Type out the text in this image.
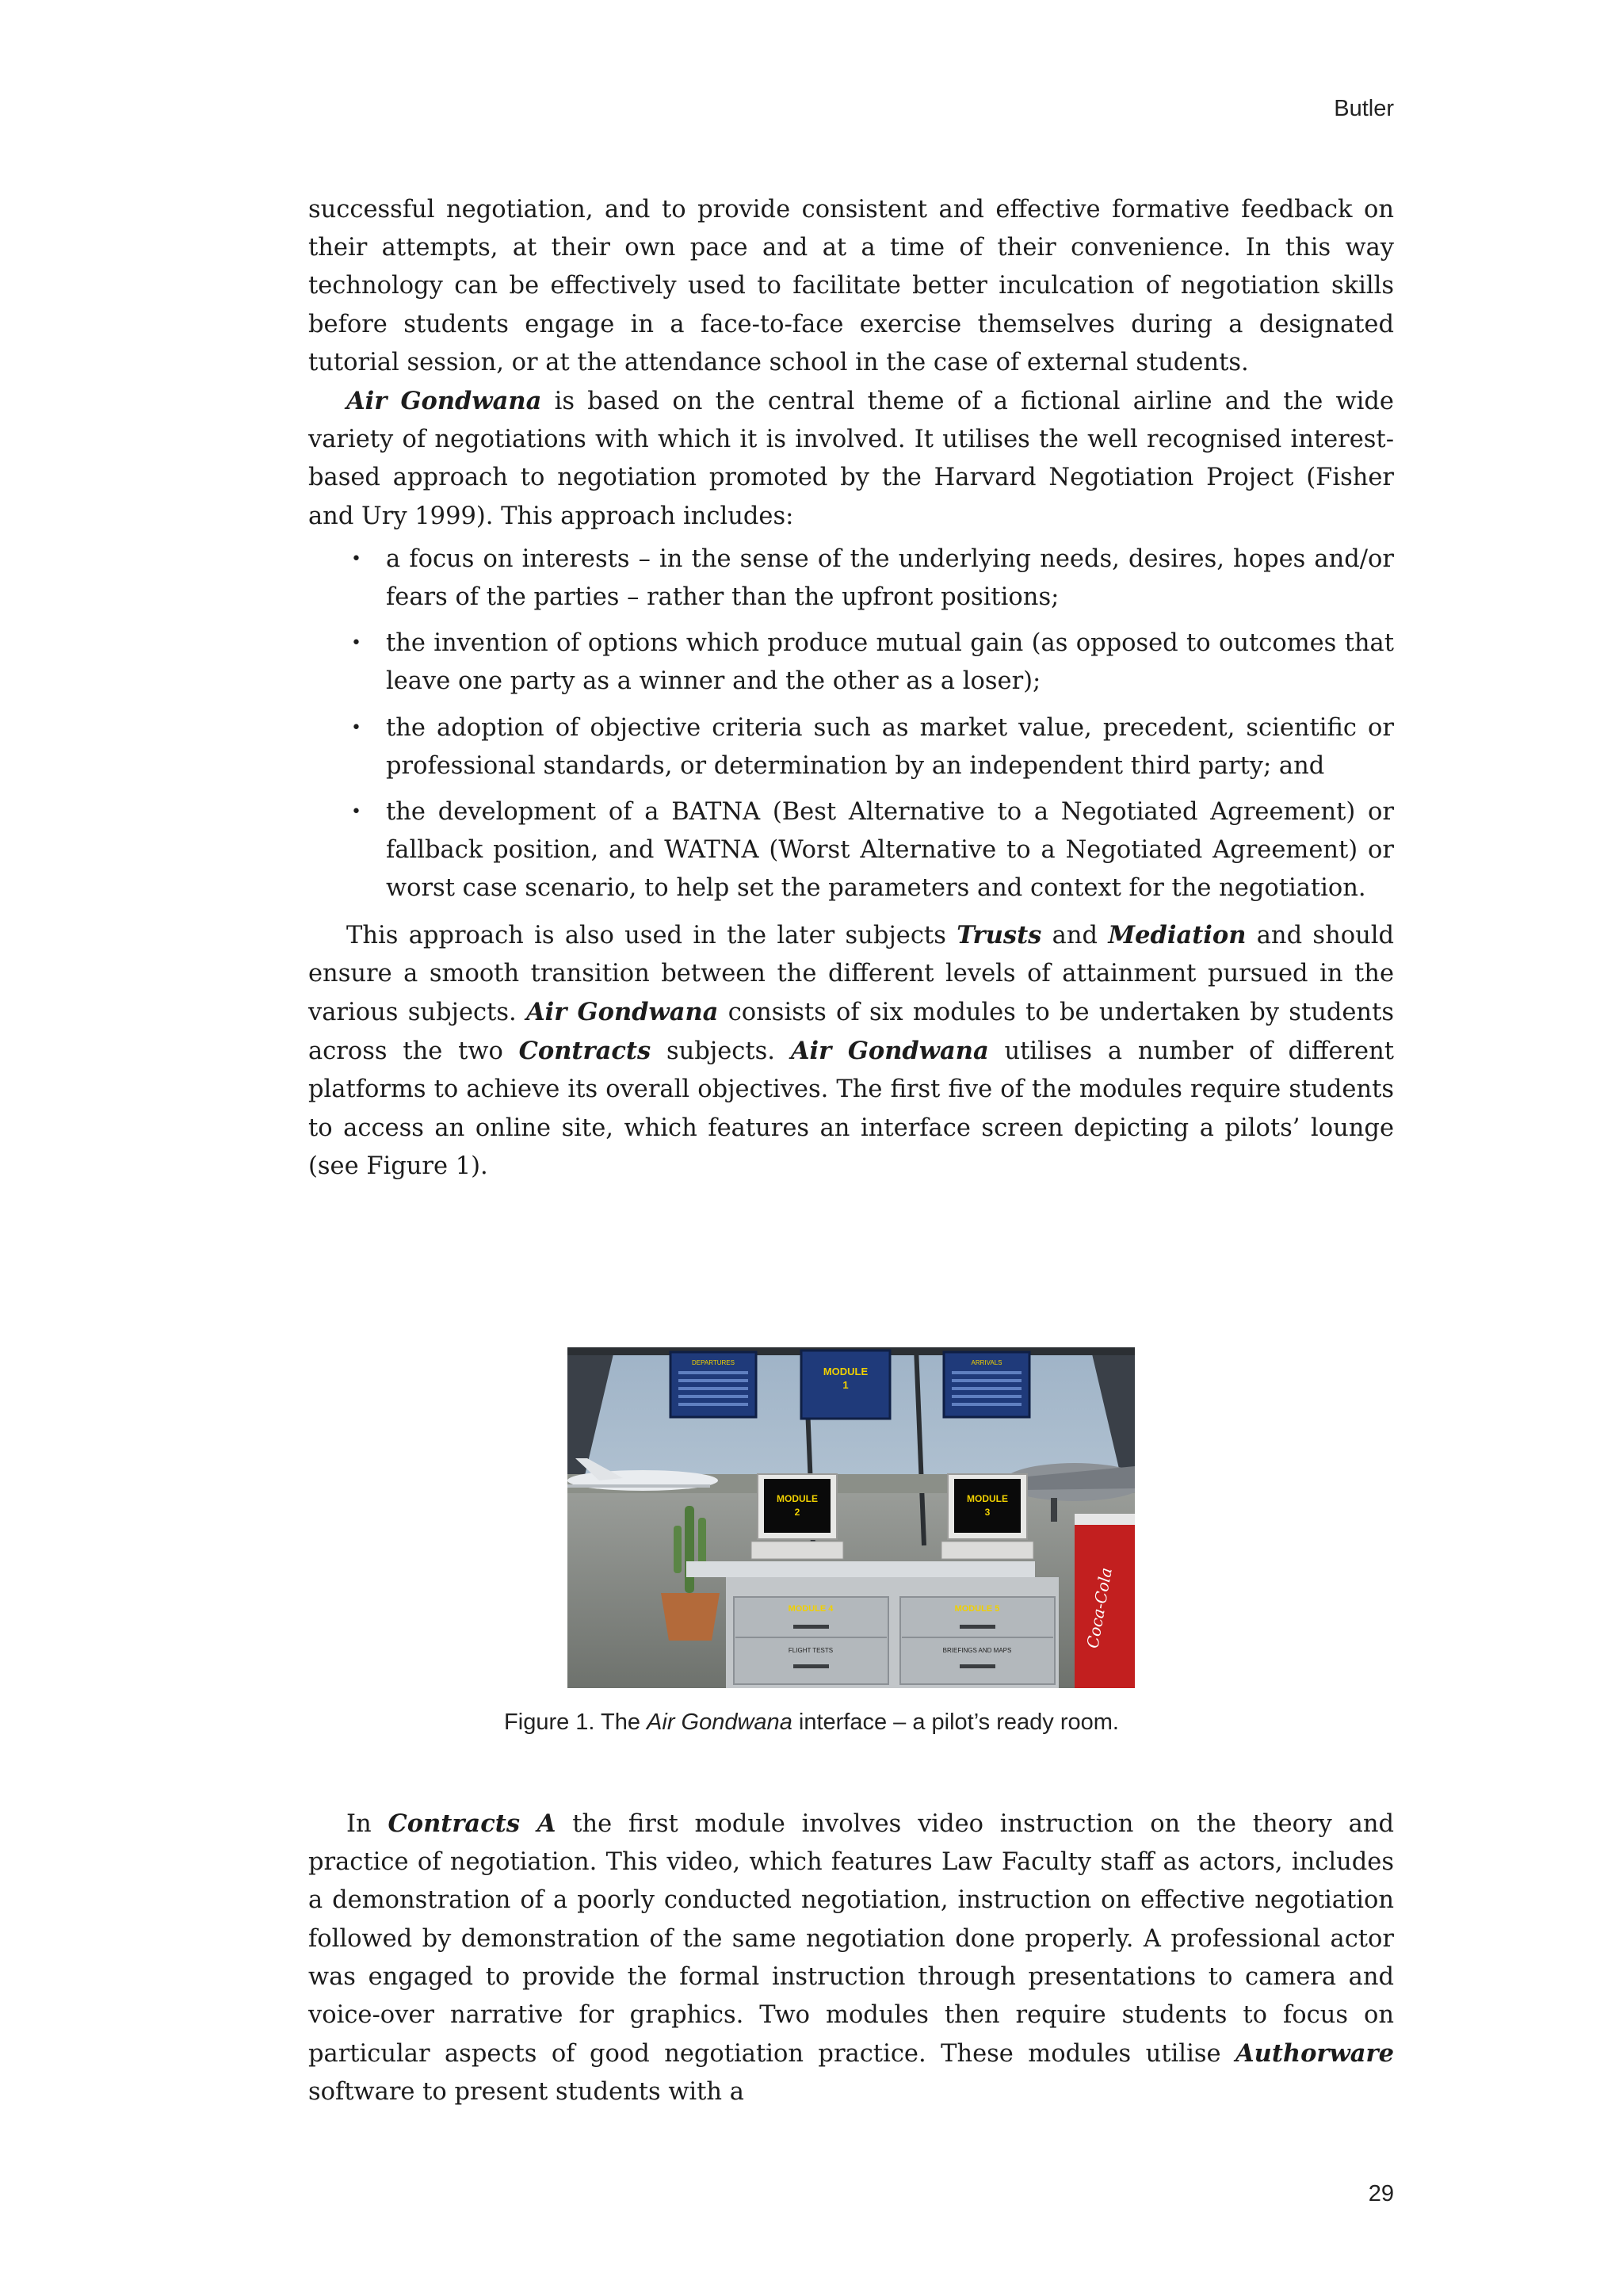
Butler

successful negotiation, and to provide consistent and effective formative feedback on their attempts, at their own pace and at a time of their convenience. In this way technology can be effectively used to facilitate better inculcation of negotiation skills before students engage in a face-to-face exercise themselves during a designated tutorial session, or at the attendance school in the case of external students.

Air Gondwana is based on the central theme of a fictional airline and the wide variety of negotiations with which it is involved. It utilises the well recognised interest-based approach to negotiation promoted by the Harvard Negotiation Project (Fisher and Ury 1999). This approach includes:

• a focus on interests – in the sense of the underlying needs, desires, hopes and/or fears of the parties – rather than the upfront positions;
• the invention of options which produce mutual gain (as opposed to outcomes that leave one party as a winner and the other as a loser);
• the adoption of objective criteria such as market value, precedent, scientific or professional standards, or determination by an independent third party; and
• the development of a BATNA (Best Alternative to a Negotiated Agreement) or fallback position, and WATNA (Worst Alternative to a Negotiated Agreement) or worst case scenario, to help set the parameters and context for the negotiation.

This approach is also used in the later subjects Trusts and Mediation and should ensure a smooth transition between the different levels of attainment pursued in the various subjects. Air Gondwana consists of six modules to be undertaken by students across the two Contracts subjects. Air Gondwana utilises a number of different platforms to achieve its overall objectives. The first five of the modules require students to access an online site, which features an interface screen depicting a pilots’ lounge (see Figure 1).

DEPARTURES
MODULE
1
ARRIVALS
MODULE 4
FLIGHT TESTS
MODULE 5
BRIEFINGS AND MAPS
MODULE
2
MODULE
3
Coca-Cola
Figure 1. The Air Gondwana interface – a pilot’s ready room.

In Contracts A the first module involves video instruction on the theory and practice of negotiation. This video, which features Law Faculty staff as actors, includes a demonstration of a poorly conducted negotiation, instruction on effective negotiation followed by demonstration of the same negotiation done properly. A professional actor was engaged to provide the formal instruction through presentations to camera and voice-over narrative for graphics. Two modules then require students to focus on particular aspects of good negotiation practice. These modules utilise Authorware software to present students with a

29
